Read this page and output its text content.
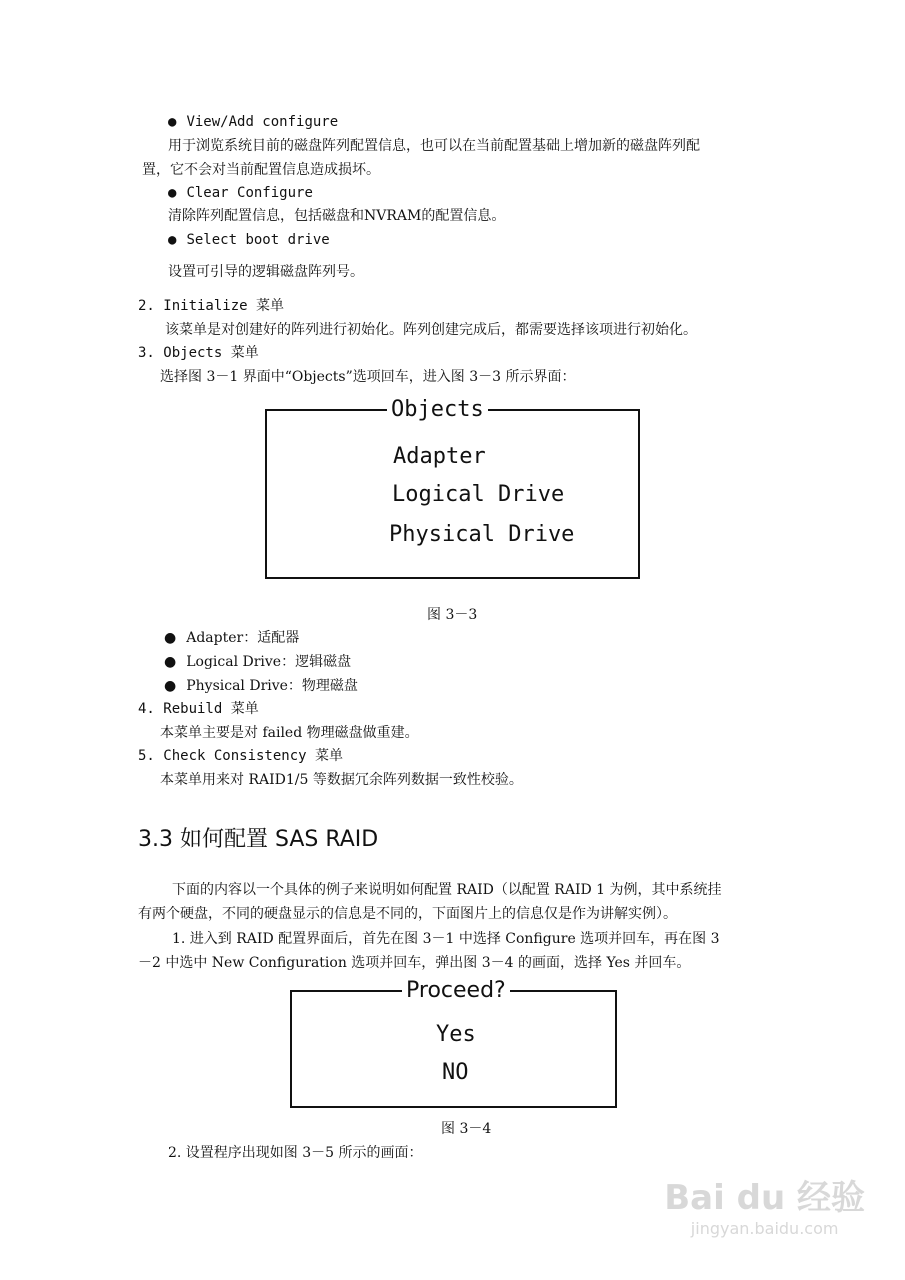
● View/Add configure
用于浏览系统目前的磁盘阵列配置信息，也可以在当前配置基础上增加新的磁盘阵列配
置，它不会对当前配置信息造成损坏。
● Clear Configure
清除阵列配置信息，包括磁盘和NVRAM的配置信息。
● Select boot drive
设置可引导的逻辑磁盘阵列号。
2. Initialize 菜单
该菜单是对创建好的阵列进行初始化。阵列创建完成后，都需要选择该项进行初始化。
3. Objects 菜单
选择图 3－1 界面中“Objects”选项回车，进入图 3－3 所示界面：
Objects
Adapter
Logical Drive
Physical Drive
图 3－3
● Adapter：适配器
● Logical Drive：逻辑磁盘
● Physical Drive：物理磁盘
4. Rebuild 菜单
本菜单主要是对 failed 物理磁盘做重建。
5. Check Consistency 菜单
本菜单用来对 RAID1/5 等数据冗余阵列数据一致性校验。
3.3 如何配置 SAS RAID
下面的内容以一个具体的例子来说明如何配置 RAID（以配置 RAID 1 为例，其中系统挂
有两个硬盘，不同的硬盘显示的信息是不同的，下面图片上的信息仅是作为讲解实例）。
1. 进入到 RAID 配置界面后，首先在图 3－1 中选择 Configure 选项并回车，再在图 3
－2 中选中 New Configuration 选项并回车，弹出图 3－4 的画面，选择 Yes 并回车。
Proceed?
Yes
NO
图 3－4
2. 设置程序出现如图 3－5 所示的画面：
Bai du 经验
jingyan.baidu.com
